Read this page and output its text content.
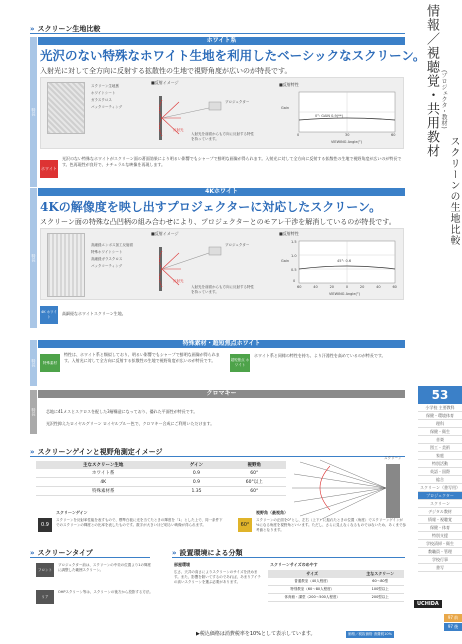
情報／視聴覚・共用教材 (プロジェクタ・教材)
スクリーンの生地比較
53
小学校 主要教科
保健・環境体育
理科
保健・衛生
音楽
図工・美術
家庭
特別活動
英語・国際
総合
スクリーン（書写用）
プロジェクター
スクリーン
デジタル教材
情報・視聴覚
保健・体育
特別支援
学校清掃・衛生
教職員・管理
学校行事
書写
97 前
97 後
» スクリーン生地比較
ホワイト系
特長
光沢のない特殊なホワイト生地を利用したベーシックなスクリーン。
入射光に対して全方向に反射する拡散性の生地で視野角度が広いのが特長です。
スクリーン生地裏
ホワイトシート
ガラスクロス
バックコーティング
■反射イメージ
プロジェクター
反射光
入射光を前面からも方向に反射する特性を持っています。
■反射特性
Gain
0°: GAIN 0.9(**)
0	30	60
VIEWING Angle(°)
ホワイト
光沢のない特殊なホワイトがスクリーン面の著面効果により明るい影響でもシャープで鮮明な画像が得られます。入射光に対して全方向に反射する拡散性の生地で視野角度が広いのが特長です。色再現性が良好で、ナチュラルな映像を再現します。
4Kホワイト
特長
4Kの解像度を映し出すプロジェクターに対応したスクリーン。
スクリーン面の特殊な凸凹柄の組み合わせにより、プロジェクターとのモアレ干渉を解消しているのが特長です。
高細経エンボス加工反射面
特殊ホワイトシート
高細経ガラスクロス
バックコーティング
■反射イメージ
プロジェクター
反射光
入射光を前面からも方向に反射する特性を持っています。
■反射特性
Gain
1.5
1.0
0.5
0
45°: 0.6
60	40	20	0	20	40	60
VIEWING Angle(°)
4K ホワイト
高細経なホワイトスクリーン生地。
特殊素材・超短焦点ホワイト
特長	特殊素材
特性は、ホワイト系と類似しており、明るい影響でもシャープで鮮明な画像が得られます。入射光に対して全方向に反射する拡散性の生地で視野角度が広いのが特長です。	超短焦点 ホワイト
ホワイト系と同様の特性を持ち、より汗滲性を高めているのが特長です。
クロマキー
特長 芯地に41メスとスクロスを配した3層構造になっており、優れた平面性が特長です。
光沢性抑えたロイヤルグリーン ロイヤルブルー色で、クロマキー合成にご利用いただけます。
» スクリーンゲインと視野角測定イメージ
主なスクリーン生地	ゲイン	視野角
ホワイト系	0.9	60°
4K	0.9	60°以上
特殊素材系	1.35	60°
スクリーン
スクリーンゲイン
0.9
スクリーンを反射率性能を表すもので、標準白板に光を当てたときの輝度を「1」とした上で、同一条件下でのスクリーンの輝度との比率を表したものです。数字が大きいほど明るい映像が得られます。
視野角（最視角）
60°
スクリーンの正面を0°とし、左右（上下）に振れたときの位置（角度）でスクリーンゲインが½になる角度を視野角といいます。ただし、さらに見えなくなるものではないため、あくまで参考値となります。
» スクリーンタイプ
フロント
プロジェクター前は、スクリーンの中央の位置より1の輝度に調整した範囲スクリーン。
リア
OHPスクリーン等は、スクリーンの後方から投影する方法。
» 設置環境による分類
部屋環境
広さ、天井の高さによりスクリーンのサイズを決めます。また、影響を除いてするのであれば、あまりアイテの高いスクリーンを選ぶ必要があります。
スクリーンサイズのめやす
サイズ	主なスクリーン
普通教室（40人程度）	60～80型
特別教室（60～80人程度）	100型以上
体育館・講堂（200～500人程度）	200型以上
▶税込価格は消費税率を10%として表示しています。	価格／税抜価格 消費税10%
UCHIDA
